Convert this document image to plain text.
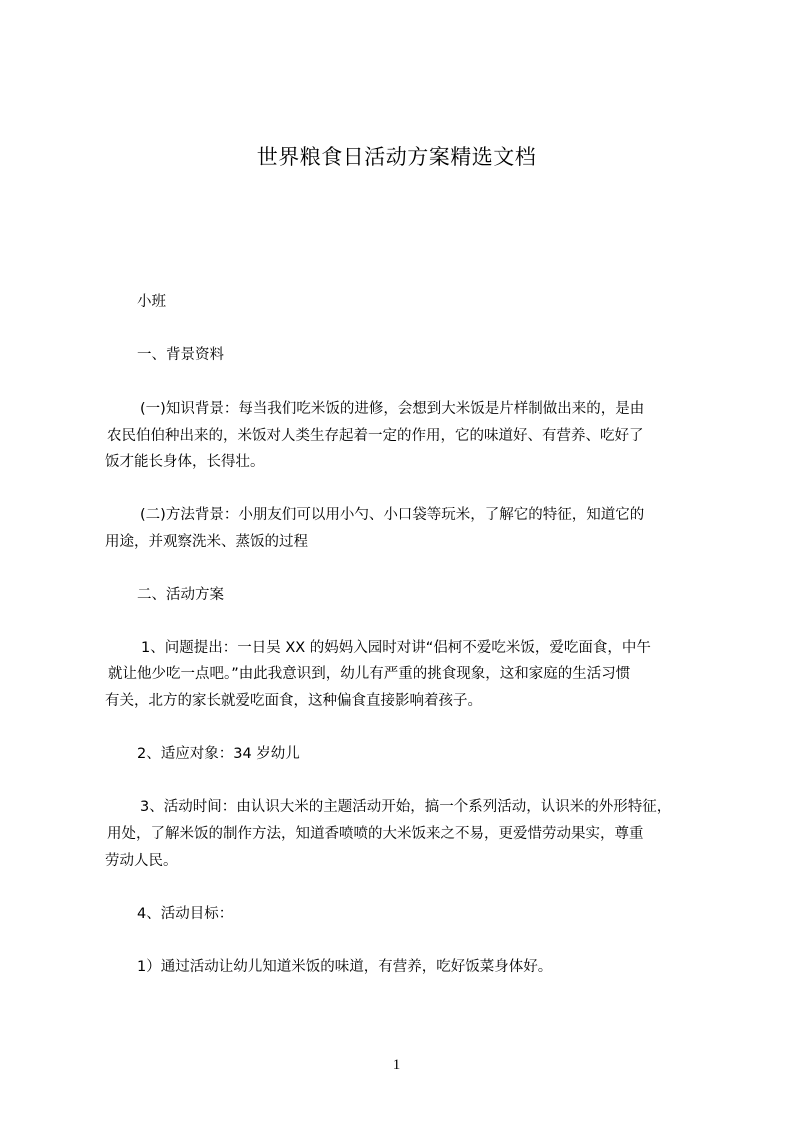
世界粮食日活动方案精选文档
小班
一、背景资料
(一)知识背景：每当我们吃米饭的进修，会想到大米饭是片样制做出来的，是由
农民伯伯种出来的，米饭对人类生存起着一定的作用，它的味道好、有营养、吃好了
饭才能长身体，长得壮。
(二)方法背景：小朋友们可以用小勺、小口袋等玩米，了解它的特征，知道它的
用途，并观察洗米、蒸饭的过程
二、活动方案
1、问题提出：一日吴 XX 的妈妈入园时对讲“侣柯不爱吃米饭，爱吃面食，中午
就让他少吃一点吧。”由此我意识到，幼儿有严重的挑食现象，这和家庭的生活习惯
有关，北方的家长就爱吃面食，这种偏食直接影响着孩子。
2、适应对象：34 岁幼儿
3、活动时间：由认识大米的主题活动开始，搞一个系列活动，认识米的外形特征，
用处，了解米饭的制作方法，知道香喷喷的大米饭来之不易，更爱惜劳动果实，尊重
劳动人民。
4、活动目标：
1）通过活动让幼儿知道米饭的味道，有营养，吃好饭菜身体好。
1
